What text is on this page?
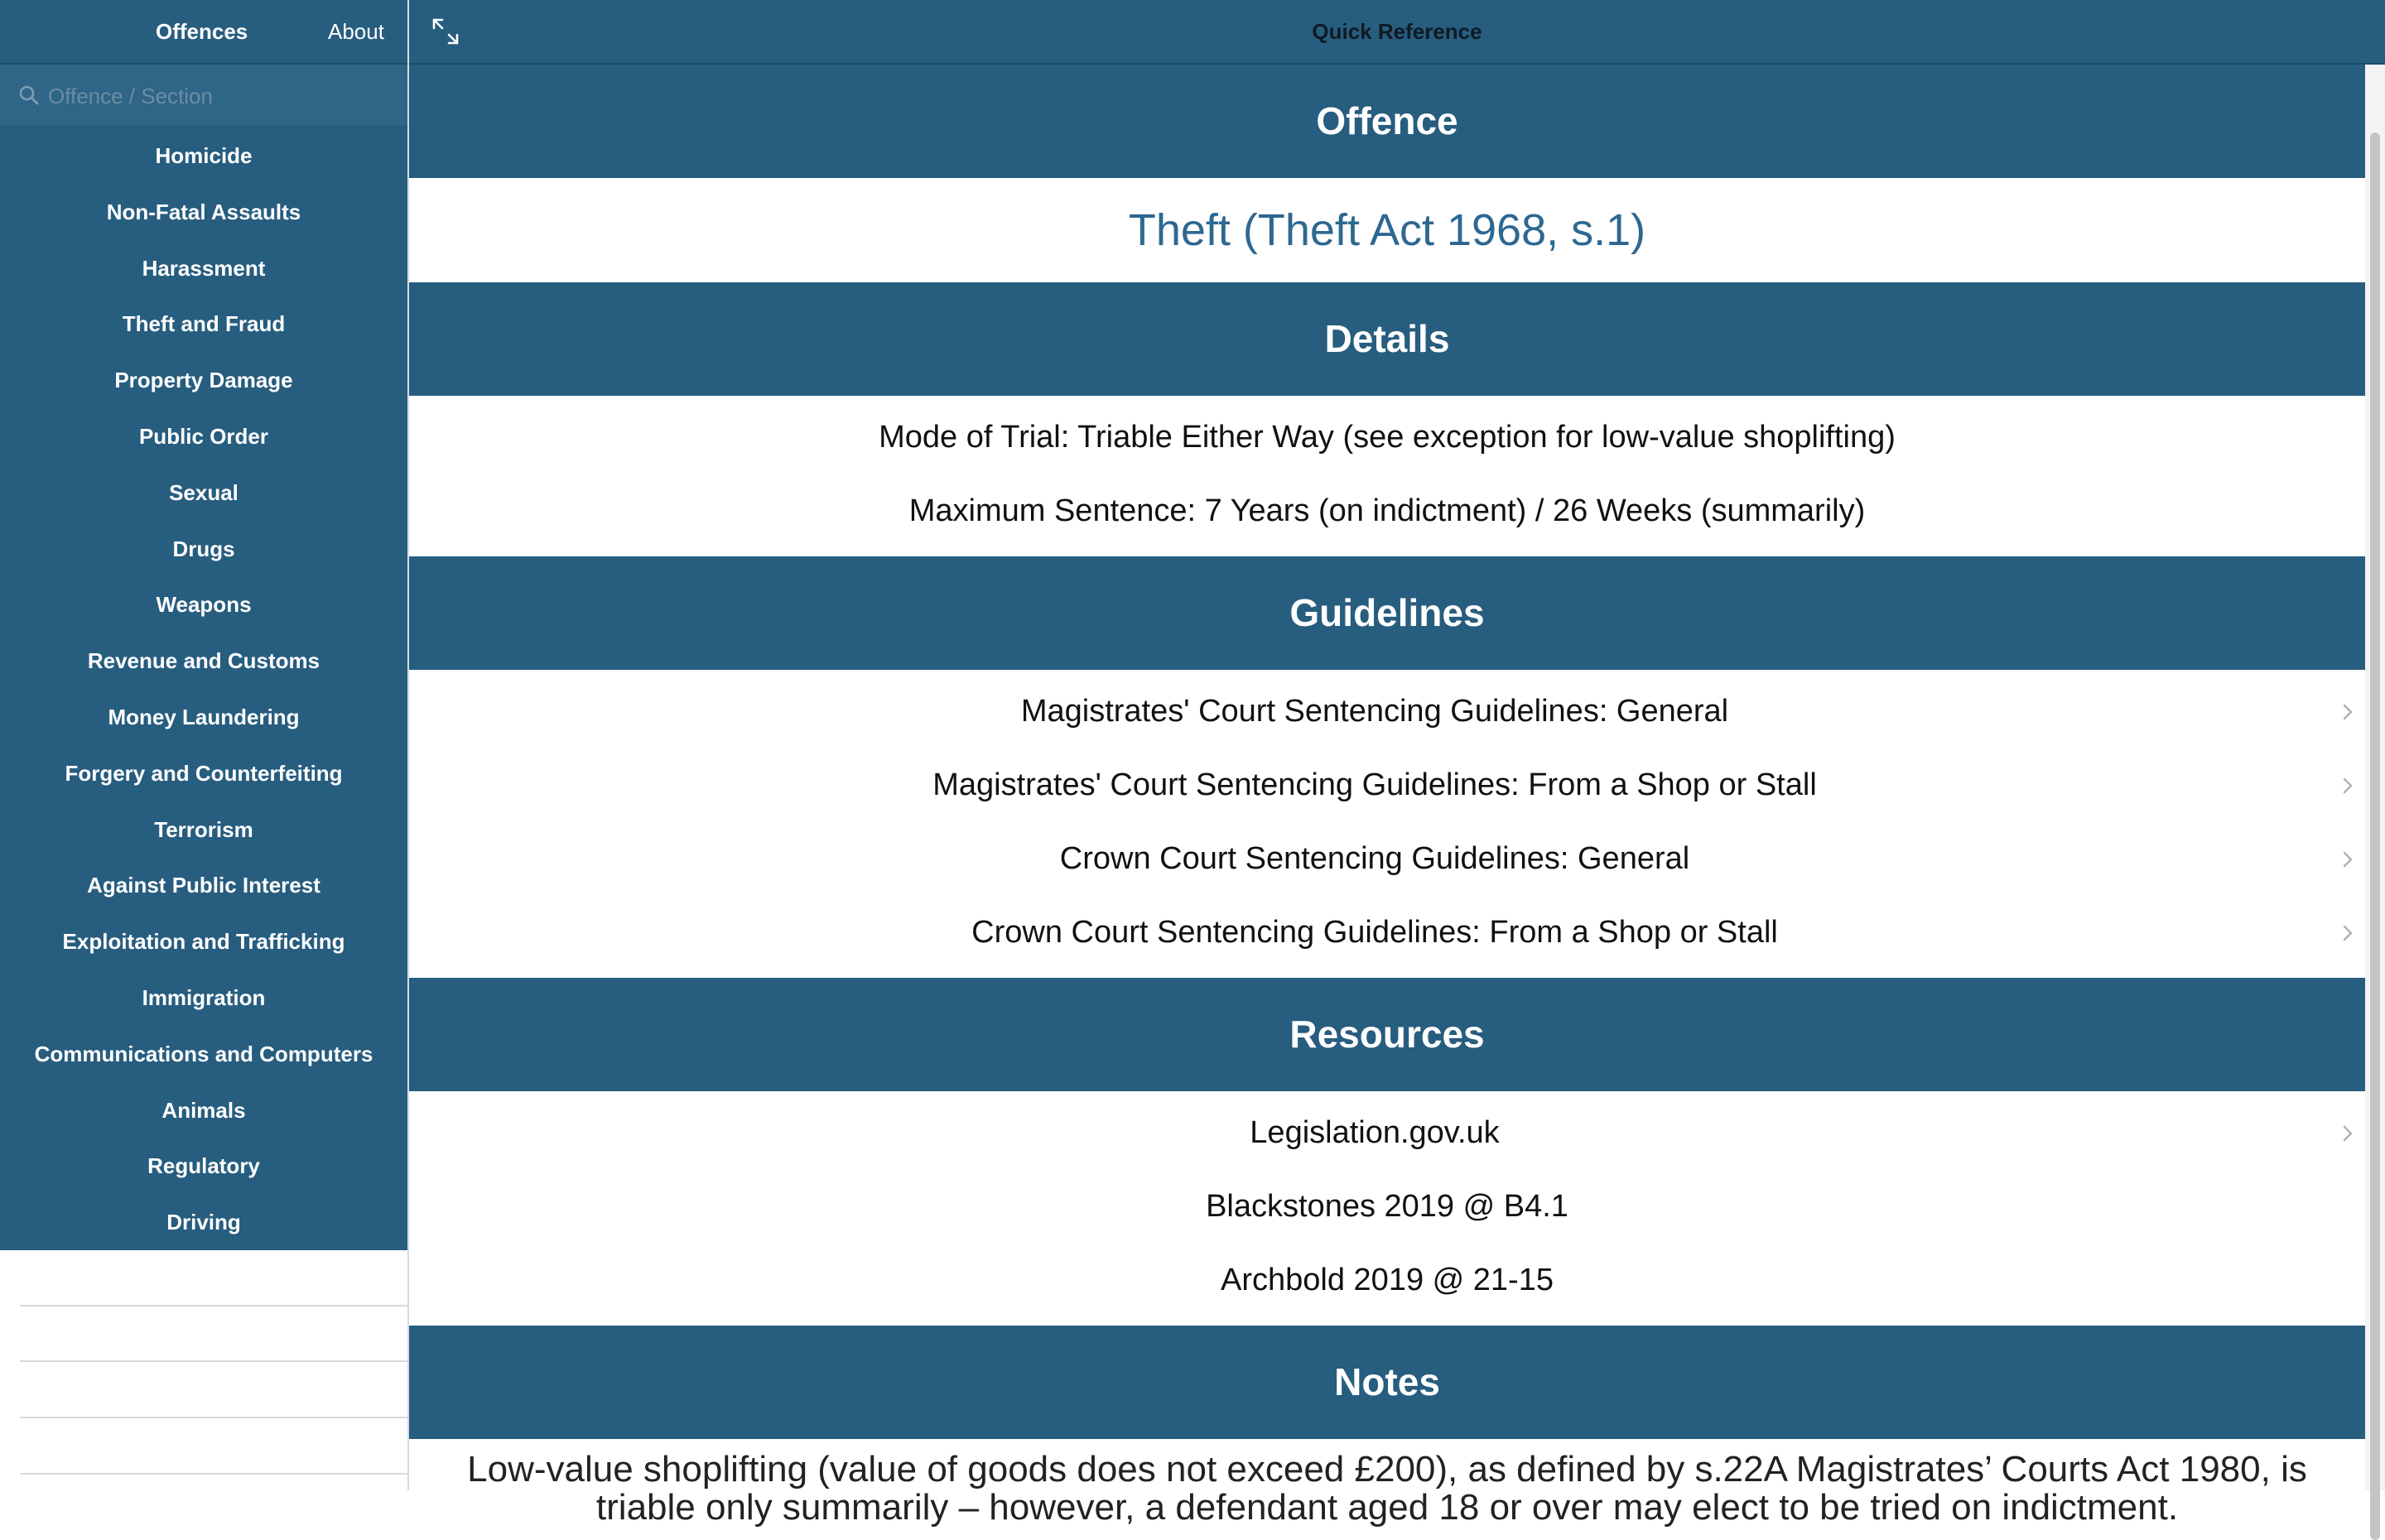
Offences	About
Offence / Section
Homicide
Non-Fatal Assaults
Harassment
Theft and Fraud
Property Damage
Public Order
Sexual
Drugs
Weapons
Revenue and Customs
Money Laundering
Forgery and Counterfeiting
Terrorism
Against Public Interest
Exploitation and Trafficking
Immigration
Communications and Computers
Animals
Regulatory
Driving
Quick Reference
Offence
Theft (Theft Act 1968, s.1)
Details
Mode of Trial: Triable Either Way (see exception for low-value shoplifting)
Maximum Sentence: 7 Years (on indictment) / 26 Weeks (summarily)
Guidelines
Magistrates' Court Sentencing Guidelines: General
Magistrates' Court Sentencing Guidelines: From a Shop or Stall
Crown Court Sentencing Guidelines: General
Crown Court Sentencing Guidelines: From a Shop or Stall
Resources
Legislation.gov.uk
Blackstones 2019 @ B4.1
Archbold 2019 @ 21-15
Notes
Low-value shoplifting (value of goods does not exceed £200), as defined by s.22A Magistrates’ Courts Act 1980, is triable only summarily – however, a defendant aged 18 or over may elect to be tried on indictment.
